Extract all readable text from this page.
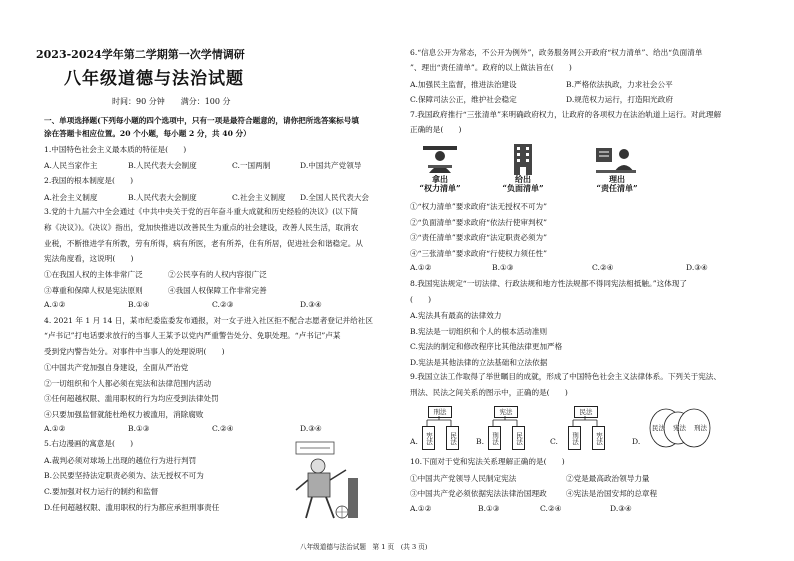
2023-2024学年第二学期第一次学情调研
八年级道德与法治试题
时间：90 分钟　　满分：100 分
一、单项选择题(下列每小题的四个选项中，只有一项是最符合题意的，请你把所选答案标号填
涂在答题卡相应位置。20 个小题，每小题 2 分，共 40 分）
1.中国特色社会主义最本质的特征是(　　)
A.人民当家作主	B.人民代表大会制度	C.一国两制	D.中国共产党领导
2.我国的根本制度是(　　)
A.社会主义制度	B.人民代表大会制度	C.社会主义制度 D.全国人民代表大会
3.党的十九届六中全会通过《中共中央关于党的百年奋斗重大成就和历史经验的决议》(以下简
称《决议》)。《决议》指出，党加快推进以改善民生为重点的社会建设，改善人民生活，取消农
业税，不断推进学有所教，劳有所得，病有所医，老有所养，住有所居，促进社会和谐稳定。从
宪法角度看，这说明(　　)
①在我国人权的主体非常广泛	②公民享有的人权内容很广泛
③尊重和保障人权是宪法原则	④我国人权保障工作非常完善
A.①②	B.①④	C.②③	D.③④
4. 2021 年 1 月 14 日，某市纪委监委发布通报，对一女子进入社区拒不配合志愿者登记并给社区
“卢书记”打电话要求放行的当事人王某予以党内严重警告处分、免职处理。“卢书记”卢某
受到党内警告处分。对事件中当事人的处理说明(　　)
①中国共产党加强自身建设，全面从严治党
②一切组织和个人都必须在宪法和法律范围内活动
③任何超越权限、滥用职权的行为均应受到法律处罚
④只要加强监督就能杜绝权力被滥用，消除腐败
A.①②	B.①③	C.②④	D.③④
5.右边漫画的寓意是(　　)
A.裁判必须对球场上出现的越位行为进行判罚
B.公民要坚持法定职责必须为、法无授权不可为
C.要加强对权力运行的制约和监督
D.任何超越权限、滥用职权的行为都应承担刑事责任
6.“信息公开为常态，不公开为例外”，政务服务网公开政府“权力清单”、给出“负面清单
”、理出“责任清单”。政府的以上做法旨在(　　)
A.加强民主监督，推进法治建设	B.严格依法执政，力求社会公平
C.保障司法公正，维护社会稳定	D.规范权力运行，打造阳光政府
7.我国政府推行“三张清单”来明确政府权力，让政府的各项权力在法治轨道上运行。对此理解
正确的是(　　)
拿出
“权力清单”
给出
“负面清单”
理出
“责任清单”
①“权力清单”要求政府“法无授权不可为”
②“负面清单”要求政府“依法行使审判权”
③“责任清单”要求政府“法定职责必须为”
④“三张清单”要求政府“行使权力须任性”
A.①②	B.①③	C.②④	D.③④
8.我国宪法规定“一切法律、行政法规和地方性法规都不得同宪法相抵触。”这体现了
(　　)
A.宪法具有最高的法律效力
B.宪法是一切组织和个人的根本活动准则
C.宪法的制定和修改程序比其他法律更加严格
D.宪法是其他法律的立法基础和立法依据
9.我国立法工作取得了举世瞩目的成就，形成了中国特色社会主义法律体系。下列关于宪法、
刑法、民法之间关系的图示中，正确的是(　　)
A.
刑法
宪法	民法	B.
宪法
刑法	民法	C.
民法
刑法	宪法	D.
民法 宪法 刑法
10.下面对于党和宪法关系理解正确的是(　　)
①中国共产党领导人民制定宪法	②党是最高政治领导力量
③中国共产党必须依据宪法法律治国理政	④宪法是治国安邦的总章程
A.①②	B.①③	C.②④	D.③④
八年级道德与法治试题　第 1 页　(共 3 页)
